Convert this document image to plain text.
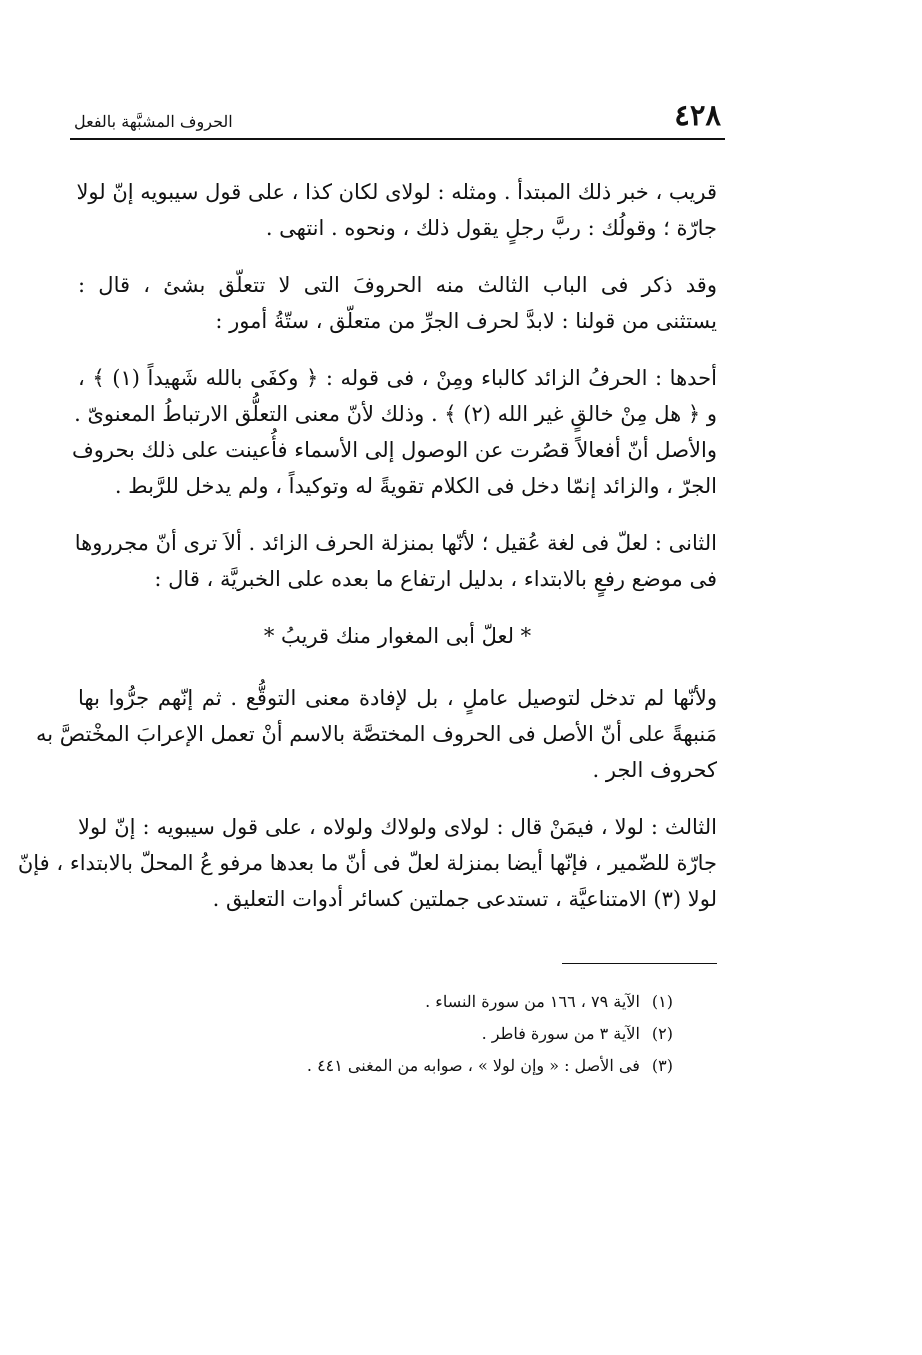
٤٢٨
الحروف المشبَّهة بالفعل

قريب ، خبر ذلك المبتدأ . ومثله : لولاى لكان كذا ، على قول سيبويه إنّ لولا
جارّة ؛ وقولُك : ربَّ رجلٍ يقول ذلك ، ونحوه . انتهى .

وقد ذكر فى الباب الثالث منه الحروفَ التى لا تتعلّق بشئ ، قال :
يستثنى من قولنا : لابدَّ لحرف الجرِّ من متعلّق ، ستّةُ أمور :

أحدها : الحرفُ الزائد كالباء ومِنْ ، فى قوله : ﴿ وكفَى بالله شَهيداً (١) ﴾ ،
و ﴿ هل مِنْ خالقٍ غير الله (٢) ﴾ . وذلك لأنّ معنى التعلُّق الارتباطُ المعنوىّ .
والأصل أنّ أفعالاً قصُرت عن الوصول إلى الأسماء فأُعينت على ذلك بحروف
الجرّ ، والزائد إنمّا دخل فى الكلام تقويةً له وتوكيداً ، ولم يدخل للرَّبط .

الثانى : لعلّ فى لغة عُقيل ؛ لأنّها بمنزلة الحرف الزائد . ألاَ ترى أنّ مجرروها
فى موضع رفعٍ بالابتداء ، بدليل ارتفاع ما بعده على الخبريَّة ، قال :

* لعلّ أبى المغوار منك قريبُ *

ولأنّها لم تدخل لتوصيل عاملٍ ، بل لإفادة معنى التوقُّع . ثم إنّهم جرُّوا بها
مَنبهةً على أنّ الأصل فى الحروف المختصَّة بالاسم أنْ تعمل الإعرابَ المخْتصَّ به
كحروف الجر .

الثالث : لولا ، فيمَنْ قال : لولاى ولولاك ولولاه ، على قول سيبويه : إنّ لولا
جارّة للضّمير ، فإنّها أيضا بمنزلة لعلّ فى أنّ ما بعدها مرفو عُ المحلّ بالابتداء ، فإنّ
لولا (٣) الامتناعيَّة ، تستدعى جملتين كسائر أدوات التعليق .

(١) الآية ٧٩ ، ١٦٦ من سورة النساء .
(٢) الآية ٣ من سورة فاطر .
(٣) فى الأصل : « وإن لولا » ، صوابه من المغنى ٤٤١ .
